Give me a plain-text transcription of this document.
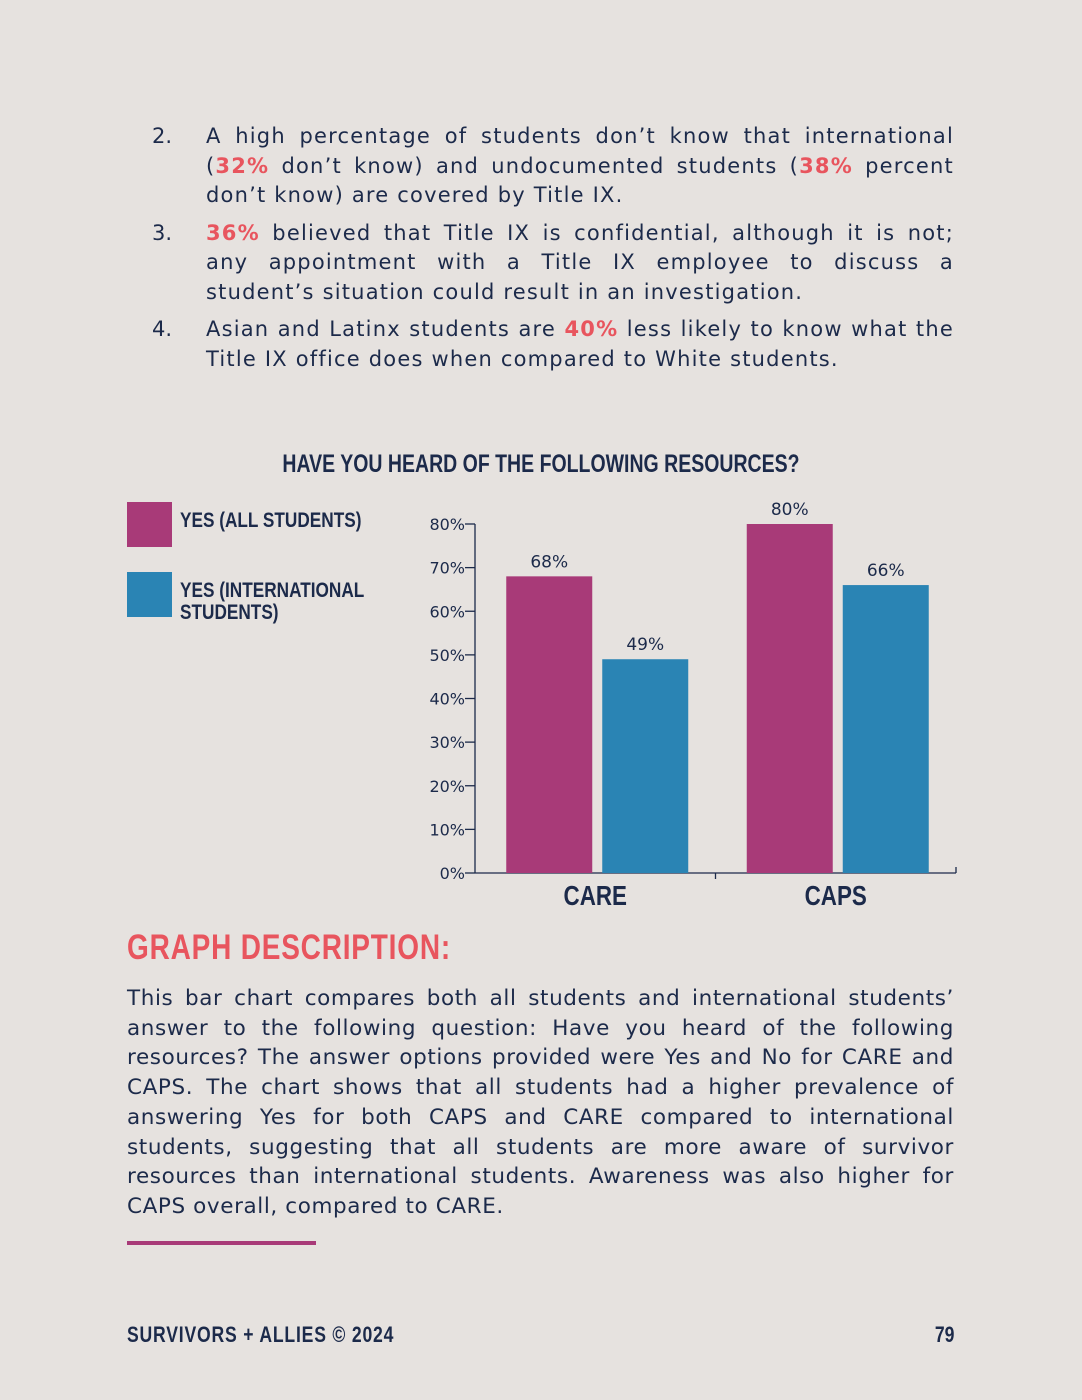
2.	A high percentage of students don’t know that international (32% don’t know) and undocumented students (38% percent don’t know) are covered by Title IX.
3.	36% believed that Title IX is confidential, although it is not; any appointment with a Title IX employee to discuss a student’s situation could result in an investigation.
4.	Asian and Latinx students are 40% less likely to know what the Title IX office does when compared to White students.
HAVE YOU HEARD OF THE FOLLOWING RESOURCES?
YES (ALL STUDENTS)
YES (INTERNATIONAL STUDENTS)
0%
10%
20%
30%
40%
50%
60%
70%
80%
68%
49%
CARE
80%
66%
CAPS
GRAPH DESCRIPTION:

This bar chart compares both all students and international students’ answer to the following question: Have you heard of the following resources? The answer options provided were Yes and No for CARE and CAPS. The chart shows that all students had a higher prevalence of answering Yes for both CAPS and CARE compared to international students, suggesting that all students are more aware of survivor resources than international students. Awareness was also higher for CAPS overall, compared to CARE.

SURVIVORS + ALLIES © 2024	79
